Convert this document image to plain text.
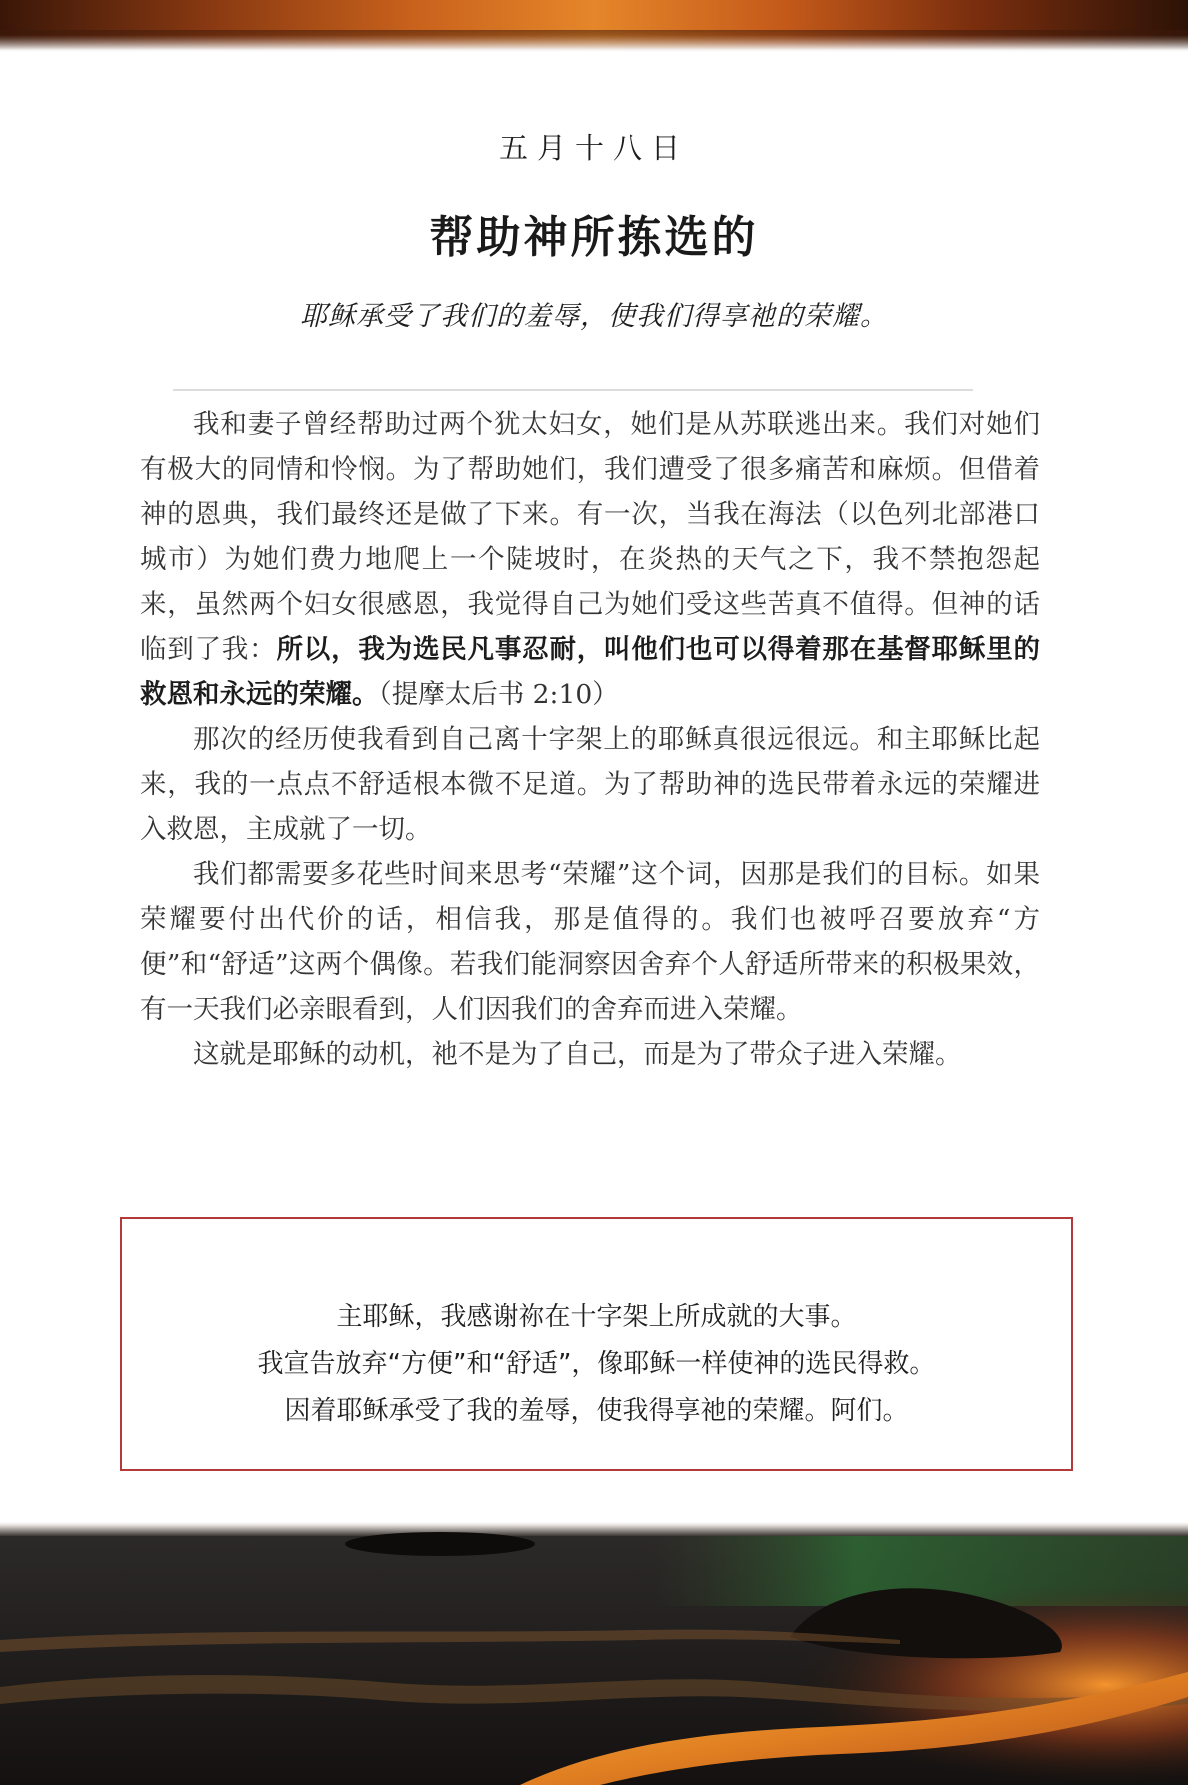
五月十八日
帮助神所拣选的
耶稣承受了我们的羞辱，使我们得享祂的荣耀。

我和妻子曾经帮助过两个犹太妇女，她们是从苏联逃出来。我们对她们有极大的同情和怜悯。为了帮助她们，我们遭受了很多痛苦和麻烦。但借着神的恩典，我们最终还是做了下来。有一次，当我在海法（以色列北部港口城市）为她们费力地爬上一个陡坡时，在炎热的天气之下，我不禁抱怨起来，虽然两个妇女很感恩，我觉得自己为她们受这些苦真不值得。但神的话临到了我：所以，我为选民凡事忍耐，叫他们也可以得着那在基督耶稣里的救恩和永远的荣耀。（提摩太后书 2:10）

那次的经历使我看到自己离十字架上的耶稣真很远很远。和主耶稣比起来，我的一点点不舒适根本微不足道。为了帮助神的选民带着永远的荣耀进入救恩，主成就了一切。

我们都需要多花些时间来思考“荣耀”这个词，因那是我们的目标。如果荣耀要付出代价的话，相信我，那是值得的。我们也被呼召要放弃“方便”和“舒适”这两个偶像。若我们能洞察因舍弃个人舒适所带来的积极果效，有一天我们必亲眼看到，人们因我们的舍弃而进入荣耀。

这就是耶稣的动机，祂不是为了自己，而是为了带众子进入荣耀。

主耶稣，我感谢祢在十字架上所成就的大事。
我宣告放弃“方便”和“舒适”，像耶稣一样使神的选民得救。
因着耶稣承受了我的羞辱，使我得享祂的荣耀。阿们。
